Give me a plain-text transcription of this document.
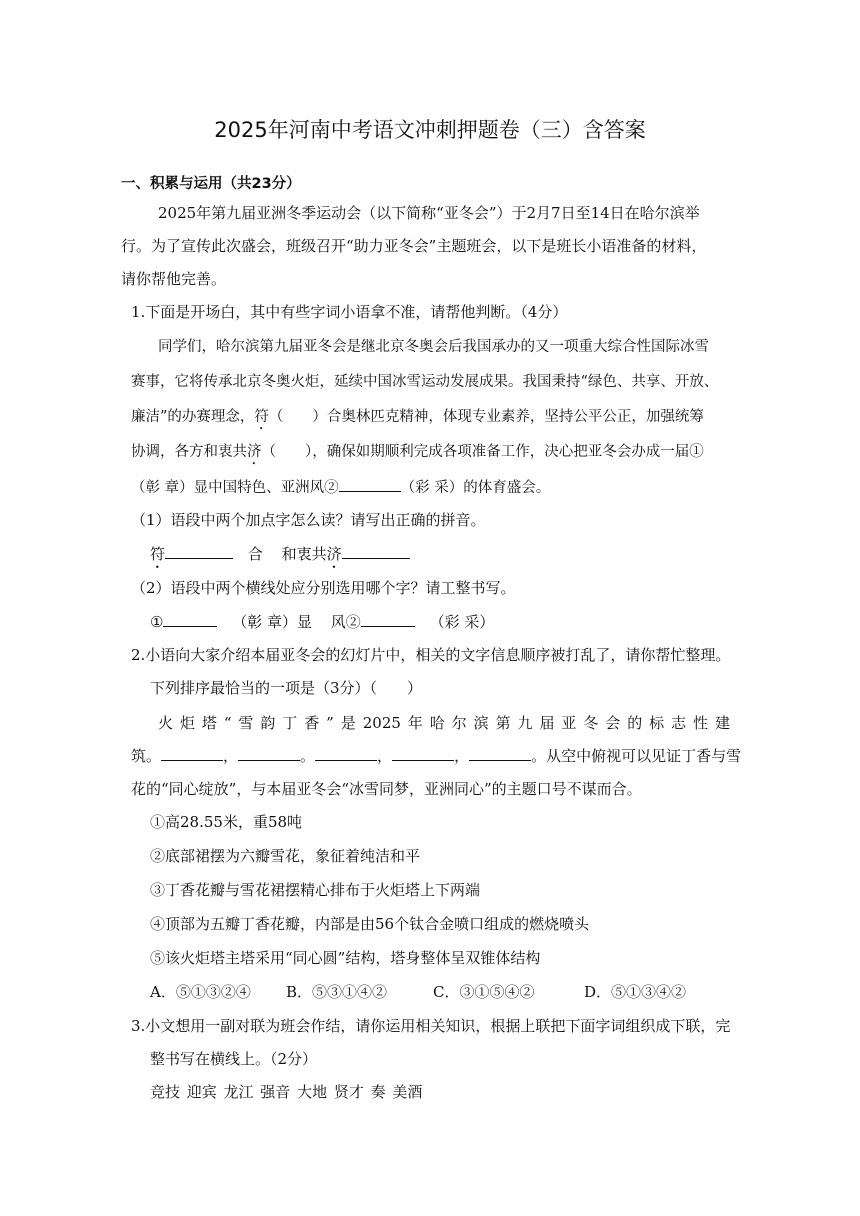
2025年河南中考语文冲刺押题卷（三）含答案
一、积累与运用（共23分）
2025年第九届亚洲冬季运动会（以下简称“亚冬会”）于2月7日至14日在哈尔滨举
行。为了宣传此次盛会，班级召开“助力亚冬会”主题班会，以下是班长小语准备的材料，
请你帮他完善。
1.下面是开场白，其中有些字词小语拿不准，请帮他判断。（4分）
同学们，哈尔滨第九届亚冬会是继北京冬奥会后我国承办的又一项重大综合性国际冰雪
赛事，它将传承北京冬奥火炬，延续中国冰雪运动发展成果。我国秉持“绿色、共享、开放、
廉洁”的办赛理念，符（　　）合奥林匹克精神，体现专业素养，坚持公平公正，加强统筹
协调，各方和衷共济（　　），确保如期顺利完成各项准备工作，决心把亚冬会办成一届①
（彰 章）显中国特色、亚洲风②	（彩 采）的体育盛会。
（1）语段中两个加点字怎么读？请写出正确的拼音。
符	合 和衷共济
（2）语段中两个横线处应分别选用哪个字？请工整书写。
①	（彰 章）显 风②	（彩 采）
2.小语向大家介绍本届亚冬会的幻灯片中，相关的文字信息顺序被打乱了，请你帮忙整理。
下列排序最恰当的一项是（3分）（　　）
火炬塔“雪韵丁香”是2025年哈尔滨第九届亚冬会的标志性建
筑。	，	。	，	，	。从空中俯视可以见证丁香与雪
花的“同心绽放”，与本届亚冬会“冰雪同梦，亚洲同心”的主题口号不谋而合。
①高28.55米，重58吨
②底部裙摆为六瓣雪花，象征着纯洁和平
③丁香花瓣与雪花裙摆精心排布于火炬塔上下两端
④顶部为五瓣丁香花瓣，内部是由56个钛合金喷口组成的燃烧喷头
⑤该火炬塔主塔采用“同心圆”结构，塔身整体呈双锥体结构
A．⑤①③②④ B．⑤③①④②	C．③①⑤④②	D．⑤①③④②
3.小文想用一副对联为班会作结，请你运用相关知识，根据上联把下面字词组织成下联，完
整书写在横线上。（2分）
竞技 迎宾 龙江 强音 大地 贤才 奏 美酒
